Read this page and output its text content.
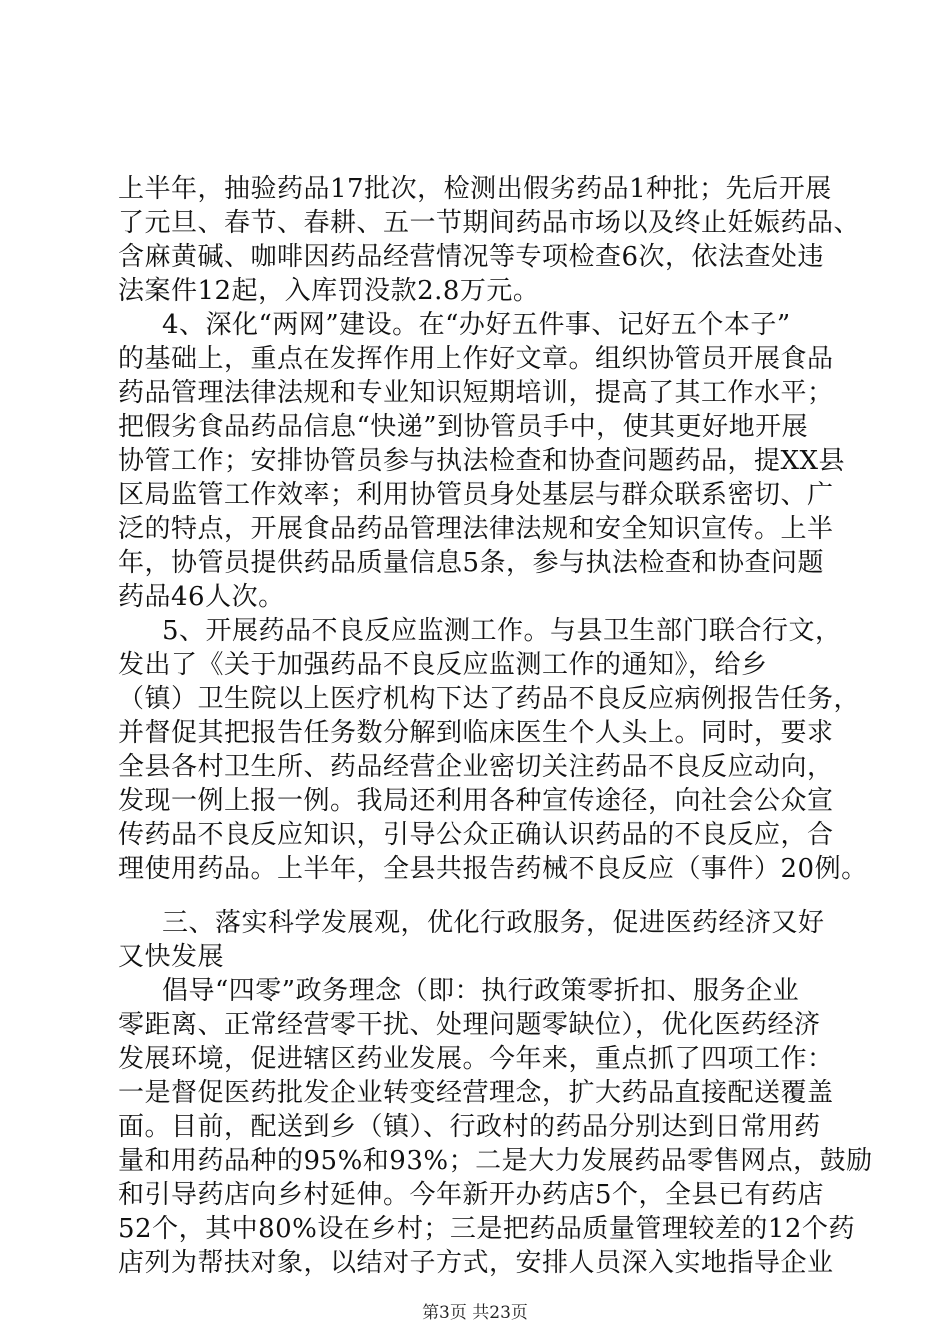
上半年，抽验药品17批次，检测出假劣药品1种批；先后开展
了元旦、春节、春耕、五一节期间药品市场以及终止妊娠药品、
含麻黄碱、咖啡因药品经营情况等专项检查6次，依法查处违
法案件12起，入库罚没款2.8万元。
4、深化“两网”建设。在“办好五件事、记好五个本子”
的基础上，重点在发挥作用上作好文章。组织协管员开展食品
药品管理法律法规和专业知识短期培训，提高了其工作水平；
把假劣食品药品信息“快递”到协管员手中，使其更好地开展
协管工作；安排协管员参与执法检查和协查问题药品，提XX县
区局监管工作效率；利用协管员身处基层与群众联系密切、广
泛的特点，开展食品药品管理法律法规和安全知识宣传。上半
年，协管员提供药品质量信息5条，参与执法检查和协查问题
药品46人次。
5、开展药品不良反应监测工作。与县卫生部门联合行文，
发出了《关于加强药品不良反应监测工作的通知》，给乡
（镇）卫生院以上医疗机构下达了药品不良反应病例报告任务，
并督促其把报告任务数分解到临床医生个人头上。同时，要求
全县各村卫生所、药品经营企业密切关注药品不良反应动向，
发现一例上报一例。我局还利用各种宣传途径，向社会公众宣
传药品不良反应知识，引导公众正确认识药品的不良反应，合
理使用药品。上半年，全县共报告药械不良反应（事件）20例。
三、落实科学发展观，优化行政服务，促进医药经济又好
又快发展
倡导“四零”政务理念（即：执行政策零折扣、服务企业
零距离、正常经营零干扰、处理问题零缺位），优化医药经济
发展环境，促进辖区药业发展。今年来，重点抓了四项工作：
一是督促医药批发企业转变经营理念，扩大药品直接配送覆盖
面。目前，配送到乡（镇）、行政村的药品分别达到日常用药
量和用药品种的95%和93%；二是大力发展药品零售网点，鼓励
和引导药店向乡村延伸。今年新开办药店5个，全县已有药店
52个，其中80%设在乡村；三是把药品质量管理较差的12个药
店列为帮扶对象，以结对子方式，安排人员深入实地指导企业
第3页 共23页
